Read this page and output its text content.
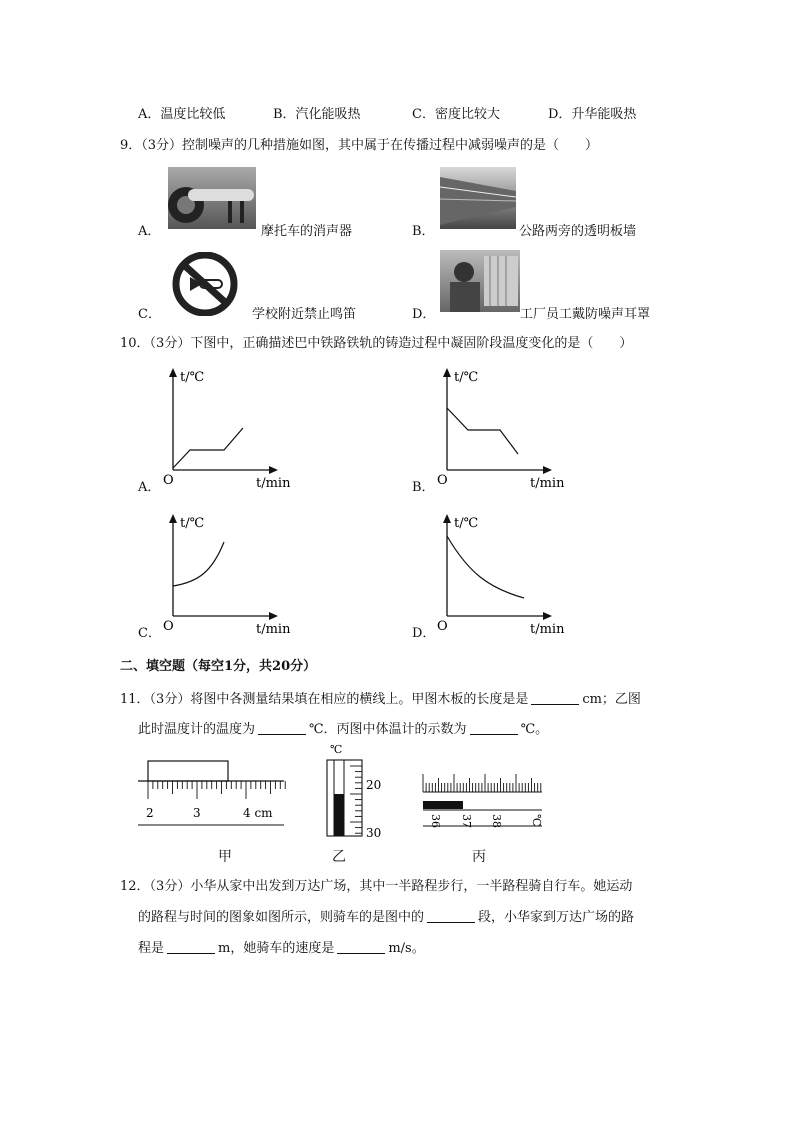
A．温度比较低	B．汽化能吸热	C．密度比较大	D．升华能吸热
9．（3分）控制噪声的几种措施如图，其中属于在传播过程中减弱噪声的是（　　）
A．	摩托车的消声器	B．	公路两旁的透明板墙
C．	学校附近禁止鸣笛	D．	工厂员工戴防噪声耳罩
10．（3分）下图中，正确描述巴中铁路铁轨的铸造过程中凝固阶段温度变化的是（　　）
A．
t/℃
O	t/min	B．
t/℃
O	t/min
C．
t/℃
O	t/min	D．
t/℃
O	t/min
二、填空题（每空1分，共20分）
11．（3分）将图中各测量结果填在相应的横线上。甲图木板的长度是是	cm；乙图
此时温度计的温度为	℃．丙图中体温计的示数为	℃。
2	3	4 cm
甲
℃
20
30
乙
36 37 38 ℃
丙
12．（3分）小华从家中出发到万达广场，其中一半路程步行，一半路程骑自行车。她运动
的路程与时间的图象如图所示，则骑车的是图中的	段，小华家到万达广场的路
程是	m，她骑车的速度是	m/s。
